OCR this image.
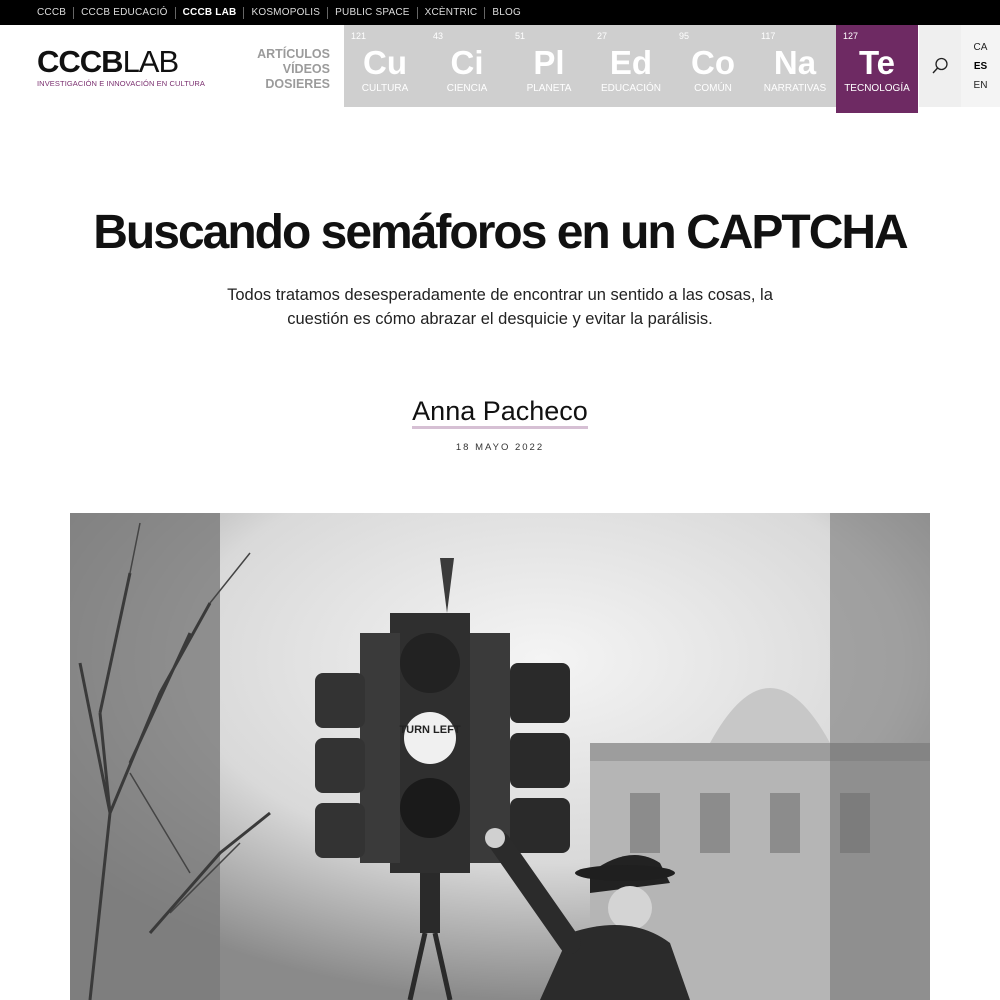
CCCB	CCCB EDUCACIÓ	CCCB LAB	KOSMOPOLIS	PUBLIC SPACE	XCÈNTRIC	BLOG
CCCBLAB
INVESTIGACIÓN E INNOVACIÓN EN CULTURA
ARTÍCULOS
VÍDEOS
DOSIERES
121
Cu
CULTURA
43
Ci
CIENCIA
51
Pl
PLANETA
27
Ed
EDUCACIÓN
95
Co
COMÚN
117
Na
NARRATIVAS
127
Te
TECNOLOGÍA
CA
ES
EN
Buscando semáforos en un CAPTCHA
Todos tratamos desesperadamente de encontrar un sentido a las cosas, la cuestión es cómo abrazar el desquicie y evitar la parálisis.
Anna Pacheco
18 MAYO 2022
TURN LEFT
